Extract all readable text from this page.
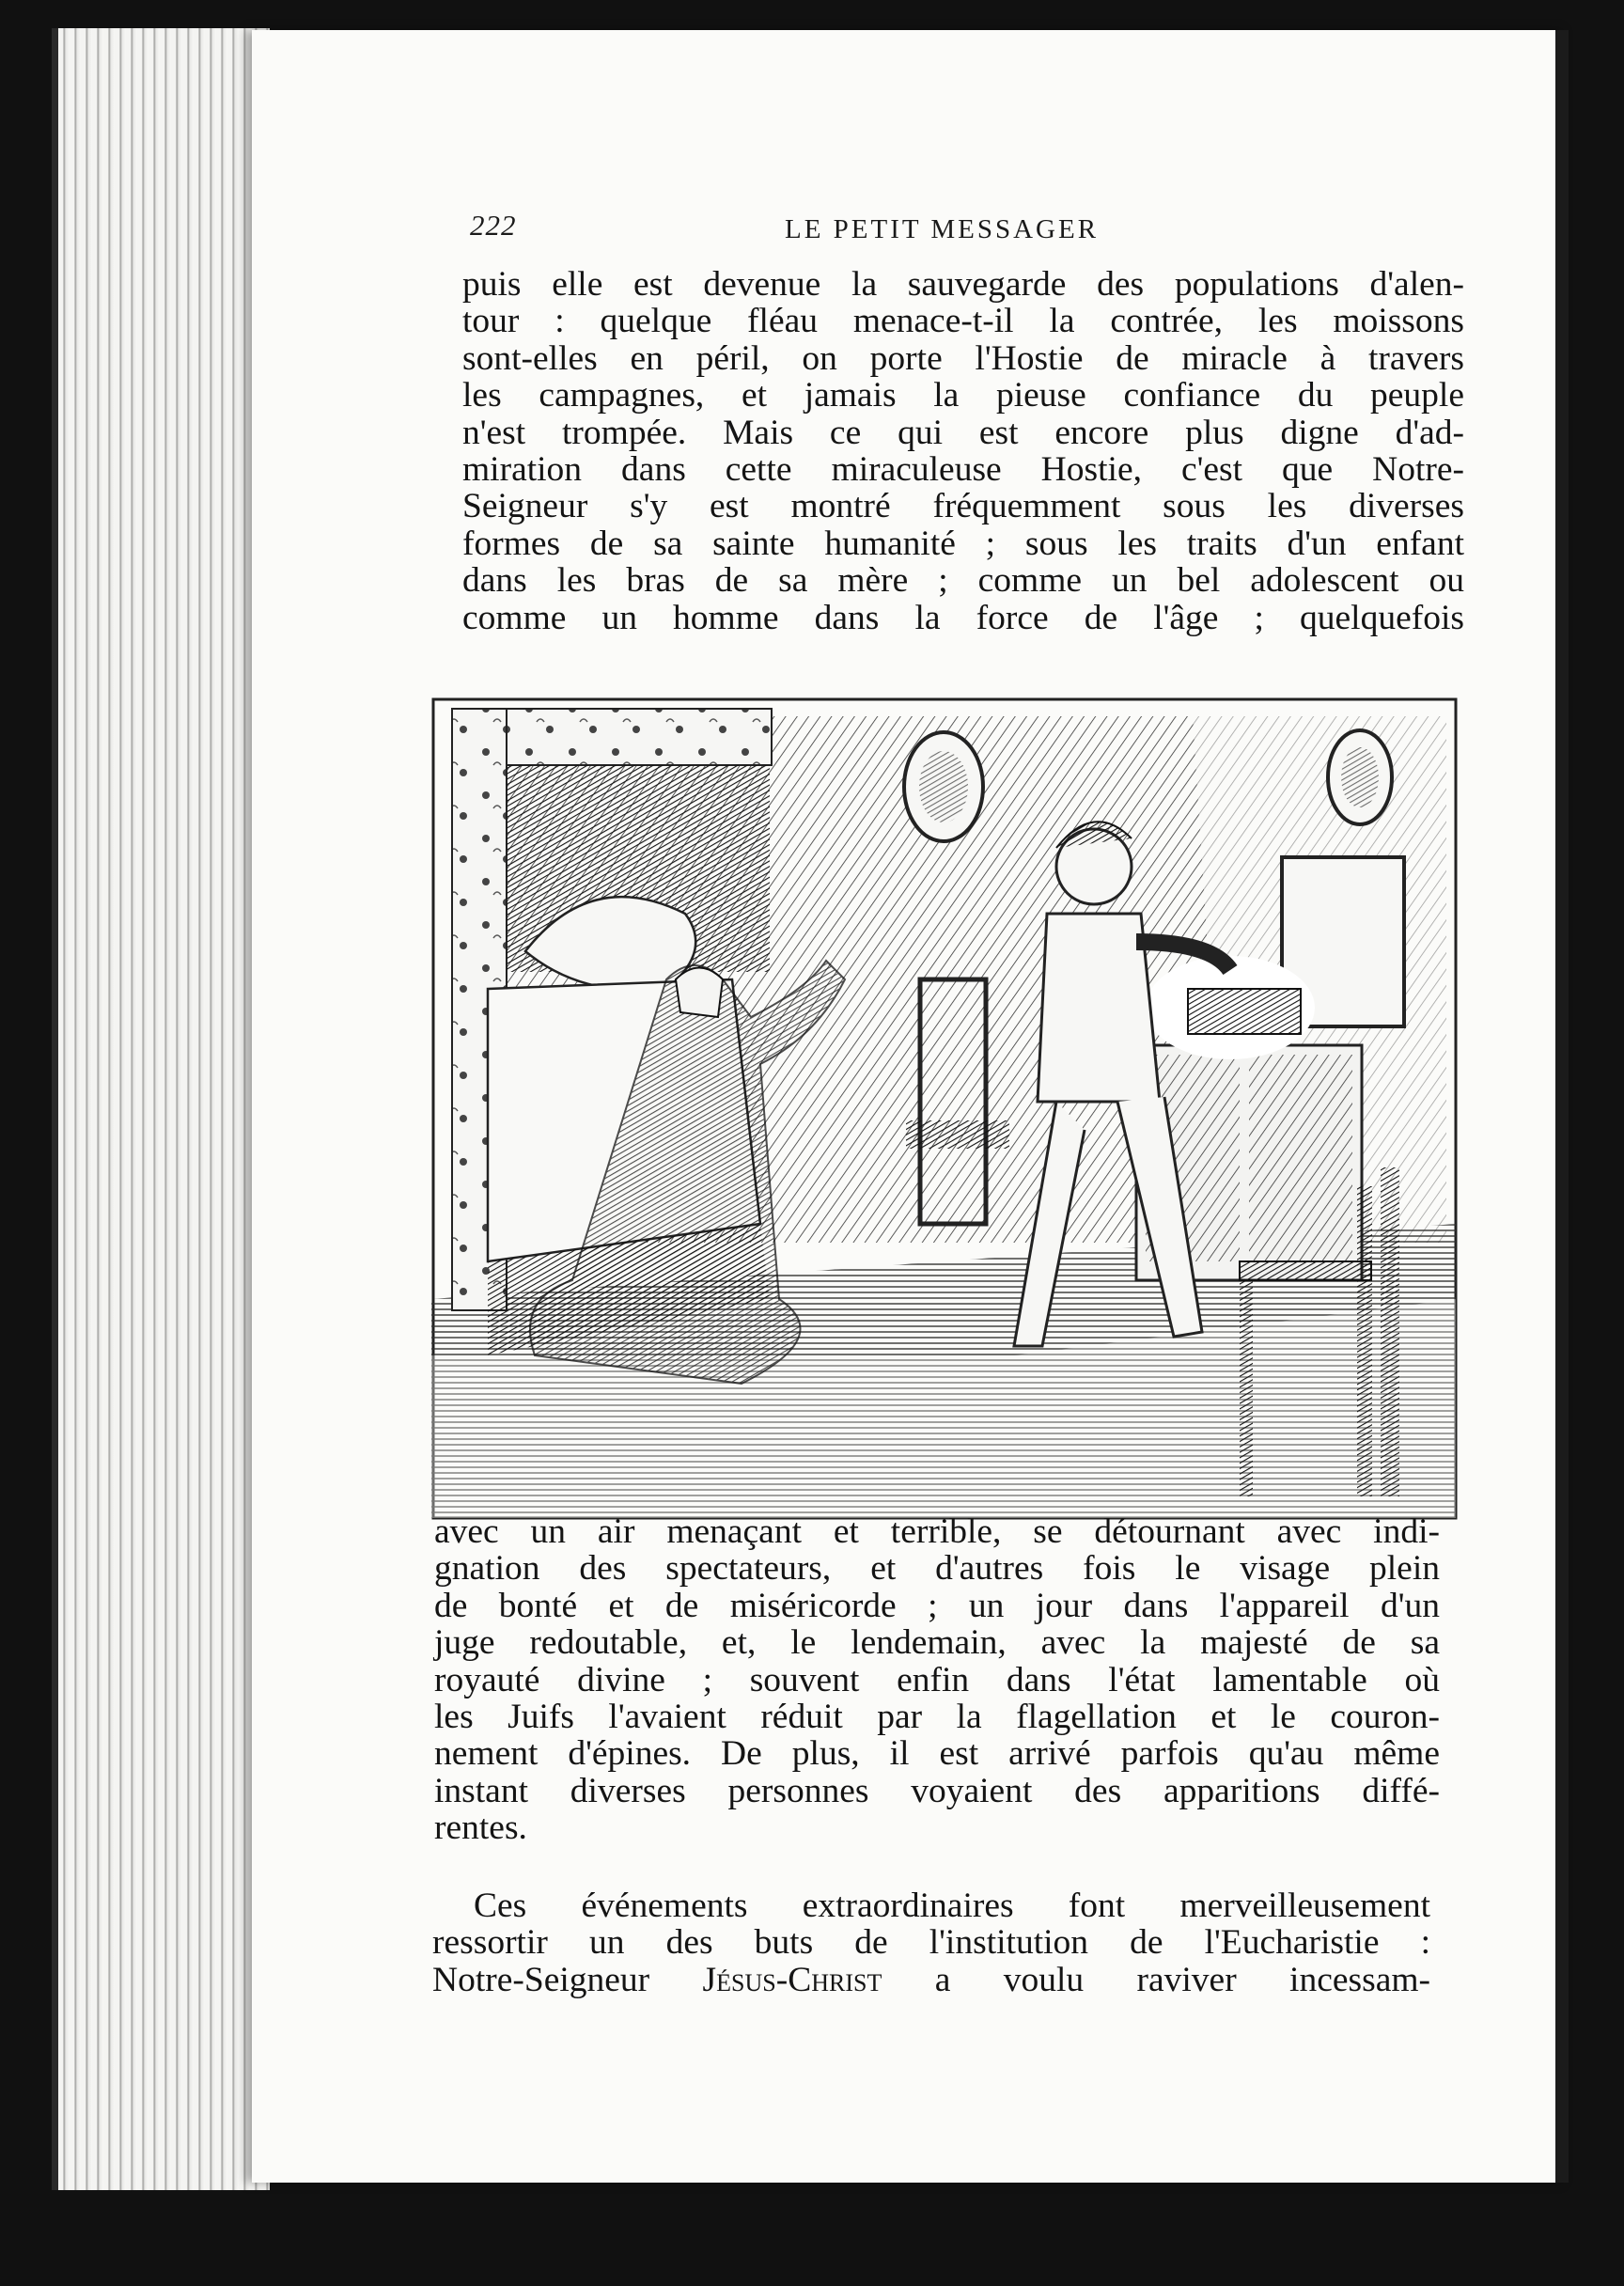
222	LE PETIT MESSAGER
puis elle est devenue la sauvegarde des populations d'alen-
tour : quelque fléau menace-t-il la contrée, les moissons
sont-elles en péril, on porte l'Hostie de miracle à travers
les campagnes, et jamais la pieuse confiance du peuple
n'est trompée. Mais ce qui est encore plus digne d'ad-
miration dans cette miraculeuse Hostie, c'est que Notre-
Seigneur s'y est montré fréquemment sous les diverses
formes de sa sainte humanité ; sous les traits d'un enfant
dans les bras de sa mère ; comme un bel adolescent ou
comme un homme dans la force de l'âge ; quelquefois
avec un air menaçant et terrible, se détournant avec indi-
gnation des spectateurs, et d'autres fois le visage plein
de bonté et de miséricorde ; un jour dans l'appareil d'un
juge redoutable, et, le lendemain, avec la majesté de sa
royauté divine ; souvent enfin dans l'état lamentable où
les Juifs l'avaient réduit par la flagellation et le couron-
nement d'épines. De plus, il est arrivé parfois qu'au même
instant diverses personnes voyaient des apparitions diffé-
rentes.
Ces événements extraordinaires font merveilleusement
ressortir un des buts de l'institution de l'Eucharistie :
Notre-Seigneur Jésus-Christ a voulu raviver incessam-
